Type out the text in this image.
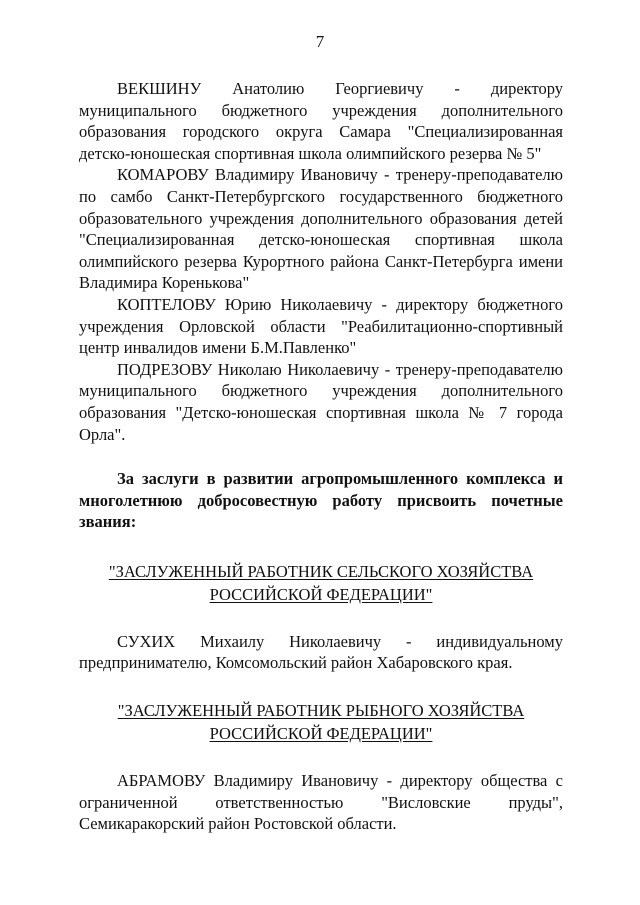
7

ВЕКШИНУ Анатолию Георгиевичу - директору муниципального бюджетного учреждения дополнительного образования городского округа Самара "Специализированная детско-юношеская спортивная школа олимпийского резерва № 5"

КОМАРОВУ Владимиру Ивановичу - тренеру-преподавателю по самбо Санкт-Петербургского государственного бюджетного образовательного учреждения дополнительного образования детей "Специализированная детско-юношеская спортивная школа олимпийского резерва Курортного района Санкт-Петербурга имени Владимира Коренькова"

КОПТЕЛОВУ Юрию Николаевичу - директору бюджетного учреждения Орловской области "Реабилитационно-спортивный центр инвалидов имени Б.М.Павленко"

ПОДРЕЗОВУ Николаю Николаевичу - тренеру-преподавателю муниципального бюджетного учреждения дополнительного образования "Детско-юношеская спортивная школа № 7 города Орла".

За заслуги в развитии агропромышленного комплекса и многолетнюю добросовестную работу присвоить почетные звания:

"ЗАСЛУЖЕННЫЙ РАБОТНИК СЕЛЬСКОГО ХОЗЯЙСТВА
РОССИЙСКОЙ ФЕДЕРАЦИИ"

СУХИХ Михаилу Николаевичу - индивидуальному предпринимателю, Комсомольский район Хабаровского края.

"ЗАСЛУЖЕННЫЙ РАБОТНИК РЫБНОГО ХОЗЯЙСТВА
РОССИЙСКОЙ ФЕДЕРАЦИИ"

АБРАМОВУ Владимиру Ивановичу - директору общества с ограниченной ответственностью "Висловские пруды", Семикаракорский район Ростовской области.
